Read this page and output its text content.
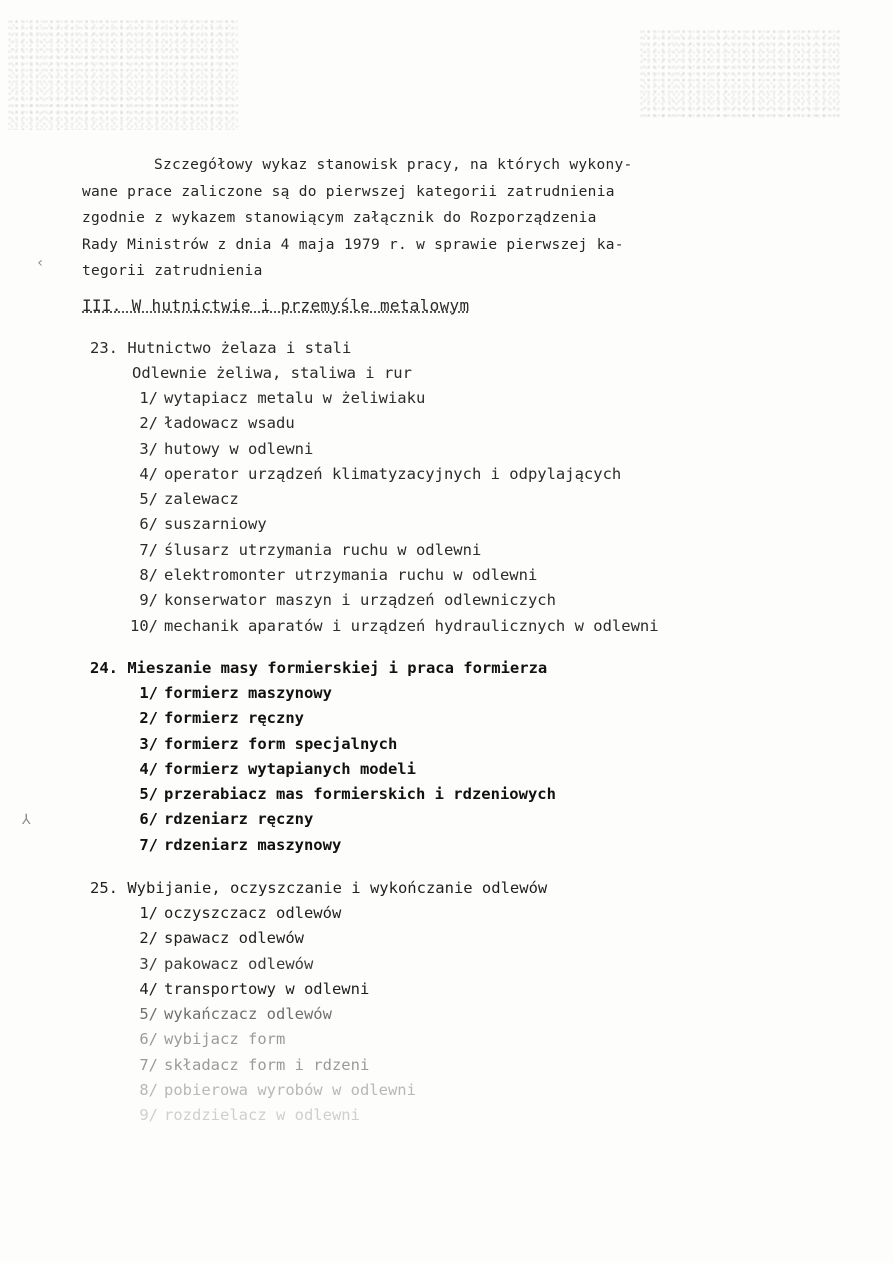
‹
⅄
Szczegółowy wykaz stanowisk pracy, na których wykony-
wane prace zaliczone są do pierwszej kategorii zatrudnienia
zgodnie z wykazem stanowiącym załącznik do Rozporządzenia
Rady Ministrów z dnia 4 maja 1979 r. w sprawie pierwszej ka-
tegorii zatrudnienia
III. W hutnictwie i przemyśle metalowym
23. Hutnictwo żelaza i stali
Odlewnie żeliwa, staliwa i rur
1/ wytapiacz metalu w żeliwiaku
2/ ładowacz wsadu
3/ hutowy w odlewni
4/ operator urządzeń klimatyzacyjnych i odpylających
5/ zalewacz
6/ suszarniowy
7/ ślusarz utrzymania ruchu w odlewni
8/ elektromonter utrzymania ruchu w odlewni
9/ konserwator maszyn i urządzeń odlewniczych
10/ mechanik aparatów i urządzeń hydraulicznych w odlewni
24. Mieszanie masy formierskiej i praca formierza
1/ formierz maszynowy
2/ formierz ręczny
3/ formierz form specjalnych
4/ formierz wytapianych modeli
5/ przerabiacz mas formierskich i rdzeniowych
6/ rdzeniarz ręczny
7/ rdzeniarz maszynowy
25. Wybijanie, oczyszczanie i wykończanie odlewów
1/ oczyszczacz odlewów
2/ spawacz odlewów
3/ pakowacz odlewów
4/ transportowy w odlewni
5/ wykańczacz odlewów
6/ wybijacz form
7/ składacz form i rdzeni
8/ pobierowa wyrobów w odlewni
9/ rozdzielacz w odlewni
